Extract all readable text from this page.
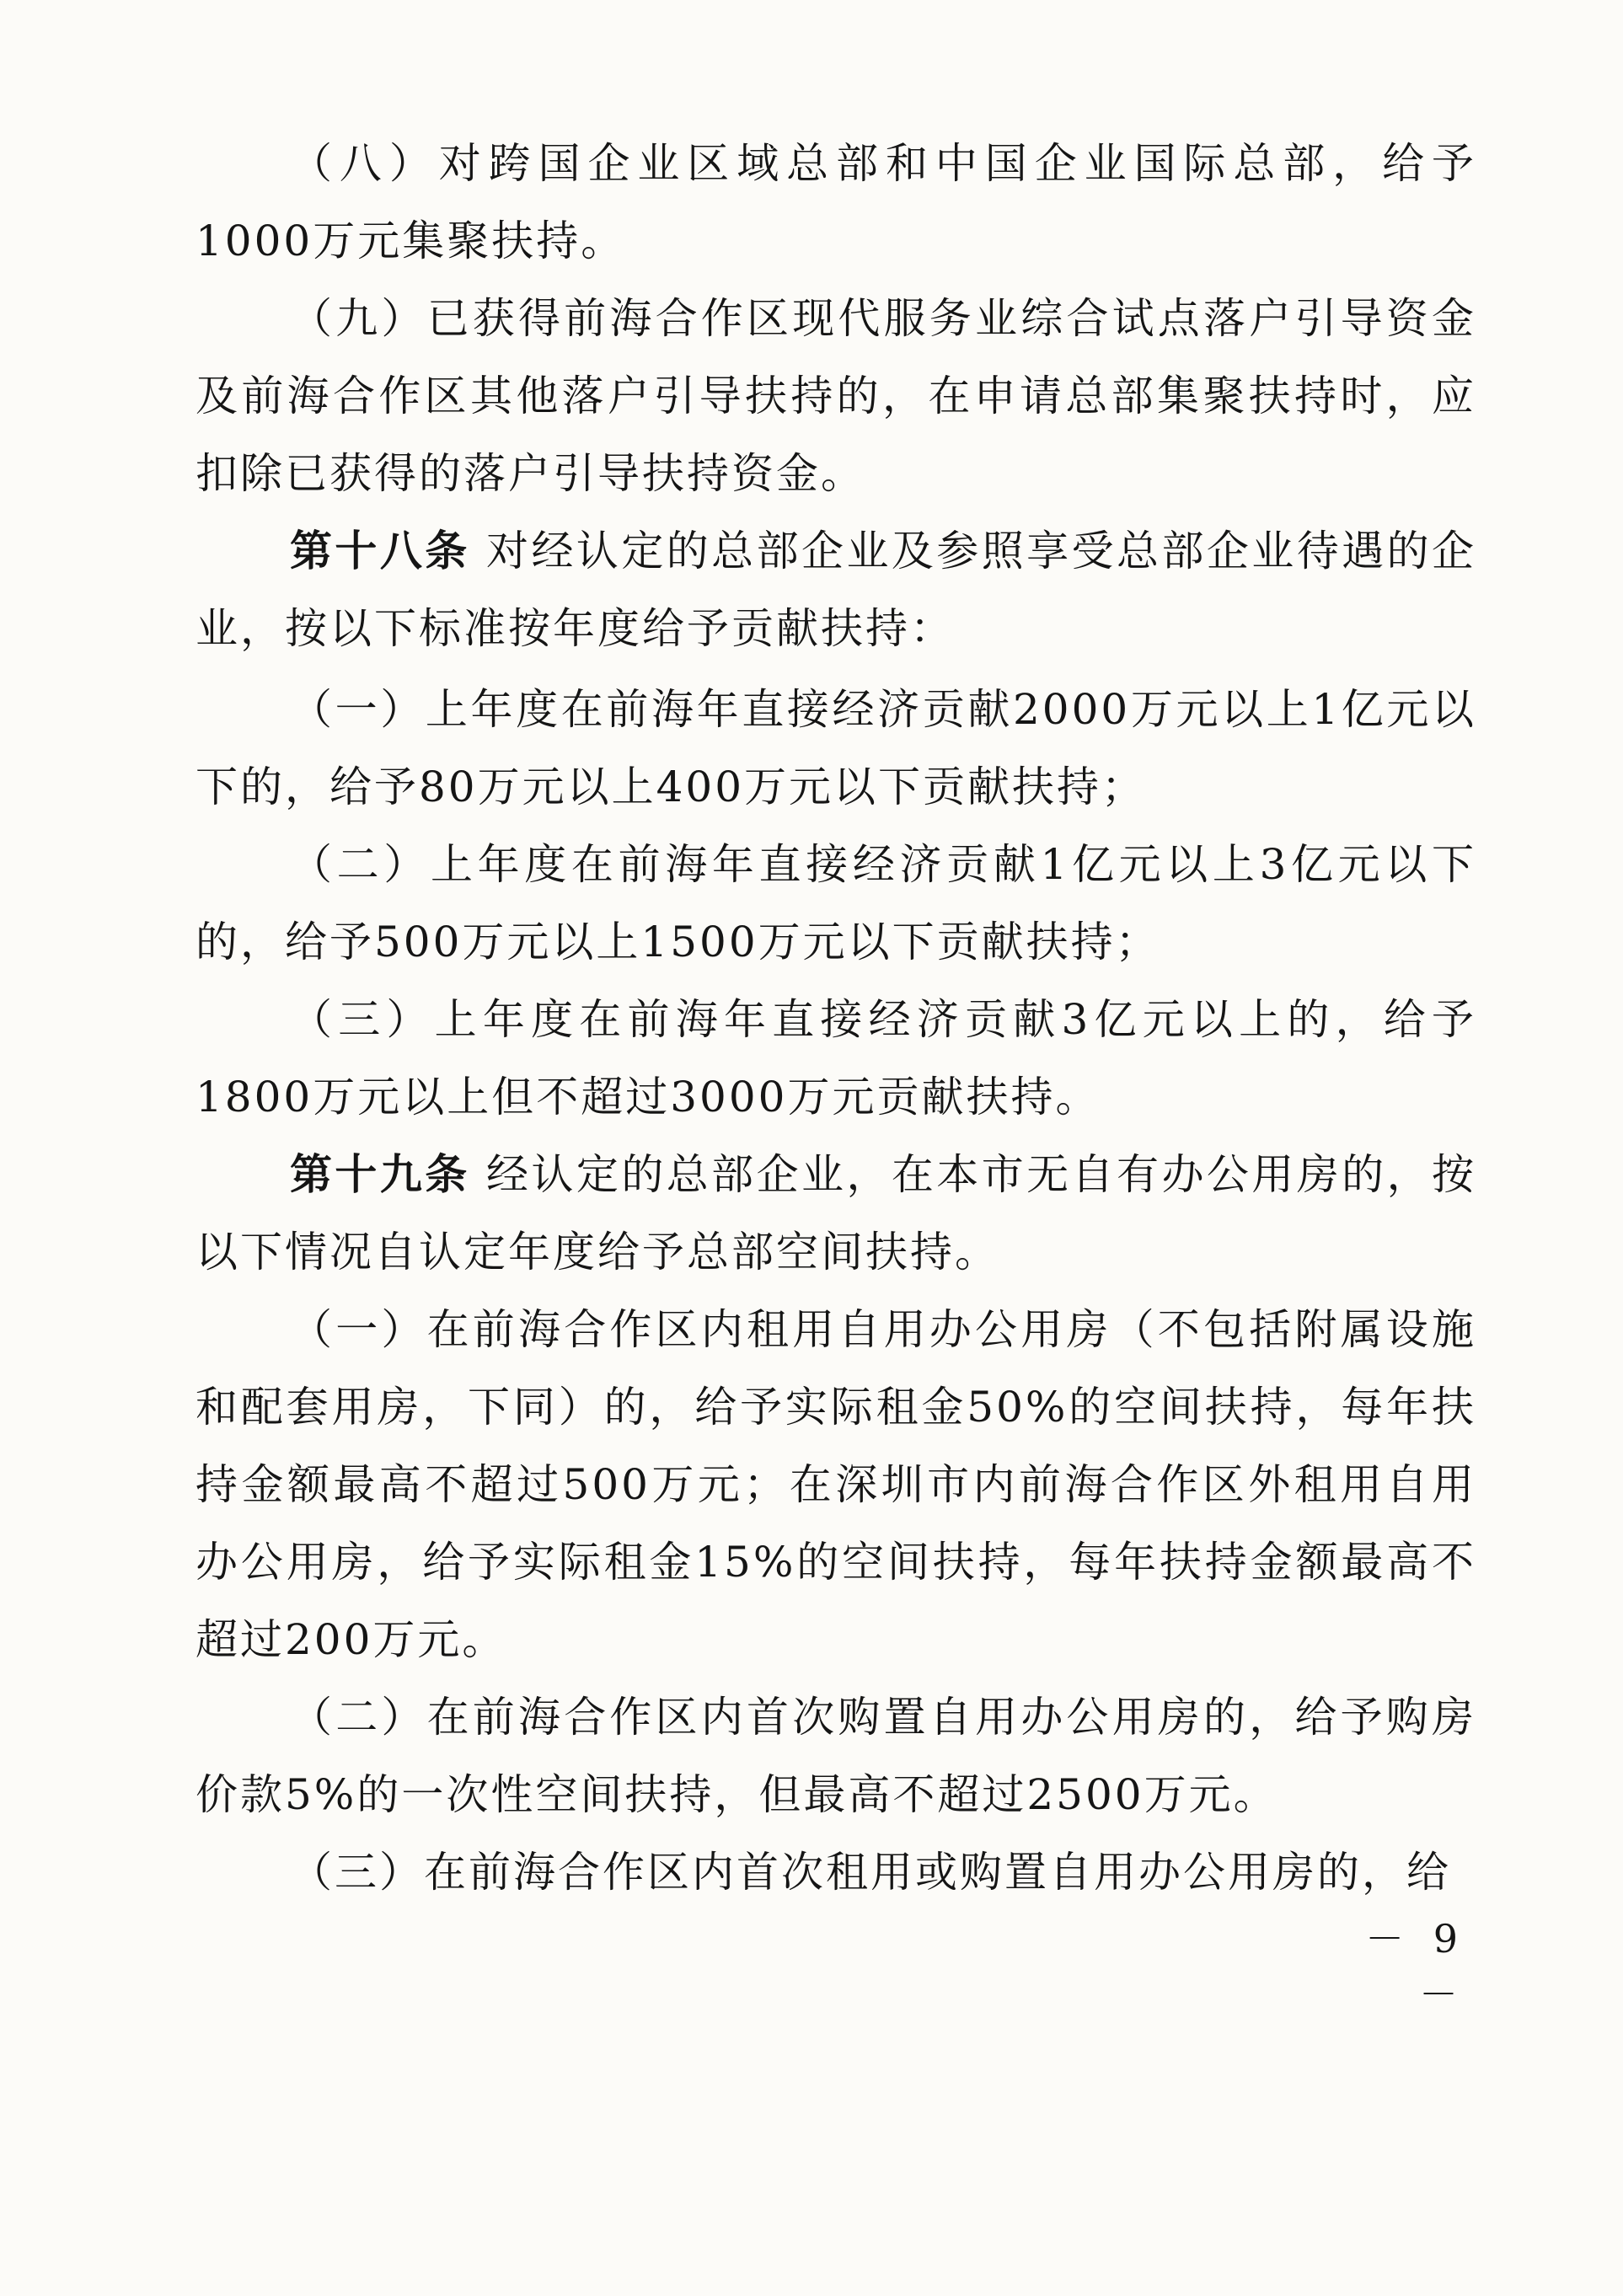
（八）对跨国企业区域总部和中国企业国际总部，给予1000万元集聚扶持。

（九）已获得前海合作区现代服务业综合试点落户引导资金及前海合作区其他落户引导扶持的，在申请总部集聚扶持时，应扣除已获得的落户引导扶持资金。

第十八条 对经认定的总部企业及参照享受总部企业待遇的企业，按以下标准按年度给予贡献扶持：

（一）上年度在前海年直接经济贡献2000万元以上1亿元以下的，给予80万元以上400万元以下贡献扶持；

（二）上年度在前海年直接经济贡献1亿元以上3亿元以下的，给予500万元以上1500万元以下贡献扶持；

（三）上年度在前海年直接经济贡献3亿元以上的，给予1800万元以上但不超过3000万元贡献扶持。

第十九条 经认定的总部企业，在本市无自有办公用房的，按以下情况自认定年度给予总部空间扶持。

（一）在前海合作区内租用自用办公用房（不包括附属设施和配套用房，下同）的，给予实际租金50%的空间扶持，每年扶持金额最高不超过500万元；在深圳市内前海合作区外租用自用办公用房，给予实际租金15%的空间扶持，每年扶持金额最高不超过200万元。

（二）在前海合作区内首次购置自用办公用房的，给予购房价款5%的一次性空间扶持，但最高不超过2500万元。

（三）在前海合作区内首次租用或购置自用办公用房的，给

－ 9 －
